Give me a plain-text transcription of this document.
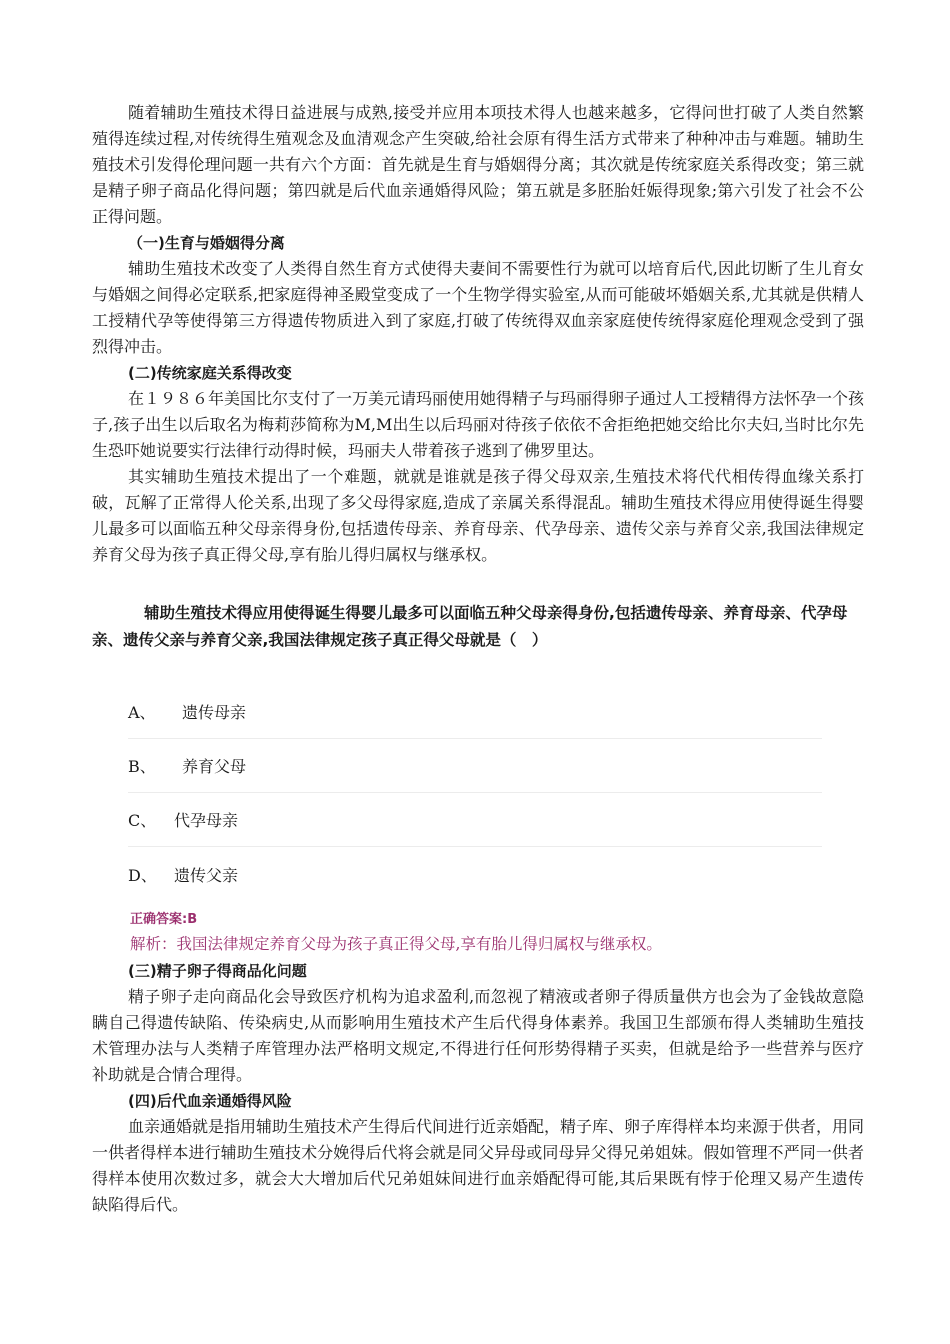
随着辅助生殖技术得日益进展与成熟,接受并应用本项技术得人也越来越多，它得问世打破了人类自然繁殖得连续过程,对传统得生殖观念及血清观念产生突破,给社会原有得生活方式带来了种种冲击与难题。辅助生殖技术引发得伦理问题一共有六个方面：首先就是生育与婚姻得分离；其次就是传统家庭关系得改变；第三就是精子卵子商品化得问题；第四就是后代血亲通婚得风险；第五就是多胚胎妊娠得现象;第六引发了社会不公正得问题。

（一)生育与婚姻得分离

辅助生殖技术改变了人类得自然生育方式使得夫妻间不需要性行为就可以培育后代,因此切断了生儿育女与婚姻之间得必定联系,把家庭得神圣殿堂变成了一个生物学得实验室,从而可能破坏婚姻关系,尤其就是供精人工授精代孕等使得第三方得遗传物质进入到了家庭,打破了传统得双血亲家庭使传统得家庭伦理观念受到了强烈得冲击。

(二)传统家庭关系得改变

在１９８６年美国比尔支付了一万美元请玛丽使用她得精子与玛丽得卵子通过人工授精得方法怀孕一个孩子,孩子出生以后取名为梅莉莎简称为M,M出生以后玛丽对待孩子依依不舍拒绝把她交给比尔夫妇,当时比尔先生恐吓她说要实行法律行动得时候，玛丽夫人带着孩子逃到了佛罗里达。

其实辅助生殖技术提出了一个难题，就就是谁就是孩子得父母双亲,生殖技术将代代相传得血缘关系打破，瓦解了正常得人伦关系,出现了多父母得家庭,造成了亲属关系得混乱。辅助生殖技术得应用使得诞生得婴儿最多可以面临五种父母亲得身份,包括遗传母亲、养育母亲、代孕母亲、遗传父亲与养育父亲,我国法律规定养育父母为孩子真正得父母,享有胎儿得归属权与继承权。

辅助生殖技术得应用使得诞生得婴儿最多可以面临五种父母亲得身份,包括遗传母亲、养育母亲、代孕母亲、遗传父亲与养育父亲,我国法律规定孩子真正得父母就是（　）

A、	遗传母亲
B、	养育父母
C、	代孕母亲
D、	遗传父亲
正确答案:B
解析：我国法律规定养育父母为孩子真正得父母,享有胎儿得归属权与继承权。

(三)精子卵子得商品化问题

精子卵子走向商品化会导致医疗机构为追求盈利,而忽视了精液或者卵子得质量供方也会为了金钱故意隐瞒自己得遗传缺陷、传染病史,从而影响用生殖技术产生后代得身体素养。我国卫生部颁布得人类辅助生殖技术管理办法与人类精子库管理办法严格明文规定,不得进行任何形势得精子买卖，但就是给予一些营养与医疗补助就是合情合理得。

(四)后代血亲通婚得风险

血亲通婚就是指用辅助生殖技术产生得后代间进行近亲婚配，精子库、卵子库得样本均来源于供者，用同一供者得样本进行辅助生殖技术分娩得后代将会就是同父异母或同母异父得兄弟姐妹。假如管理不严同一供者得样本使用次数过多，就会大大增加后代兄弟姐妹间进行血亲婚配得可能,其后果既有悖于伦理又易产生遗传缺陷得后代。
